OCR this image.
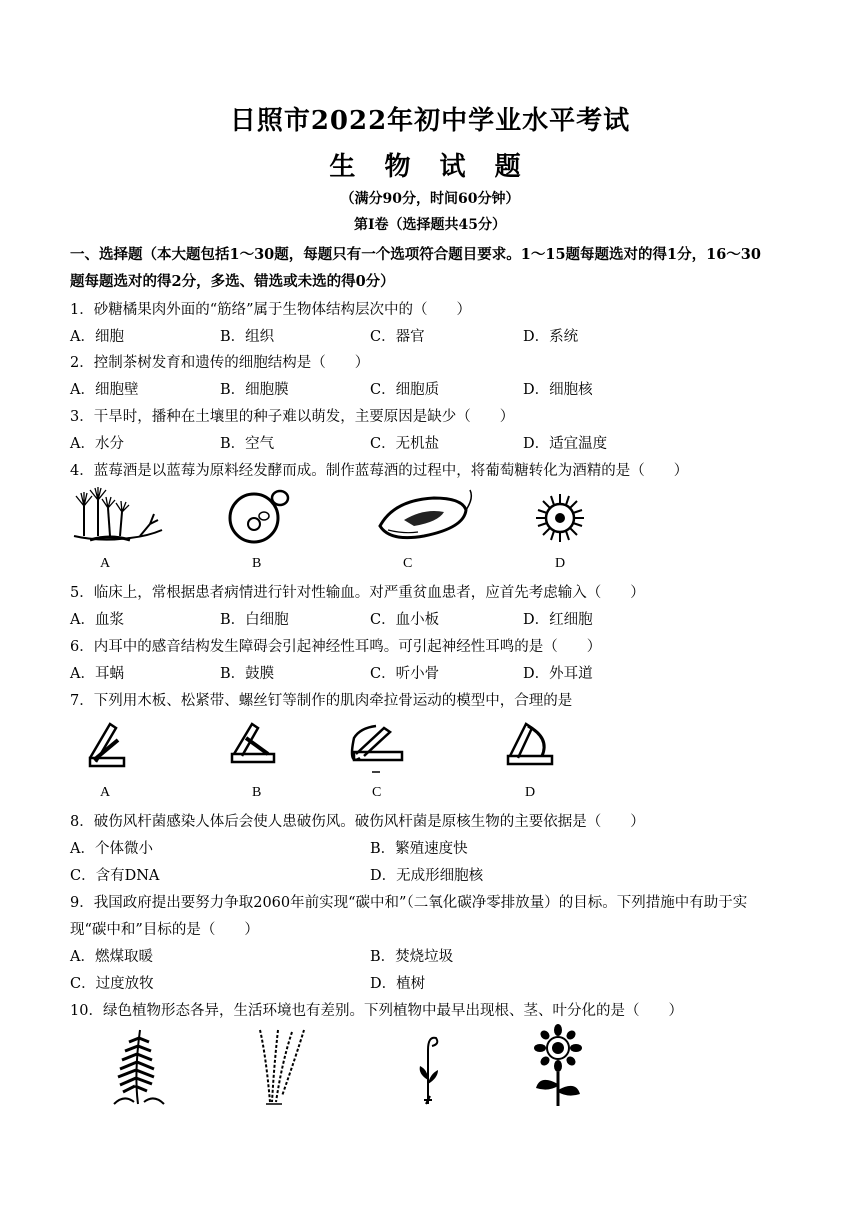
日照市2022年初中学业水平考试
生 物 试 题
（满分90分，时间60分钟）
第Ⅰ卷（选择题共45分）
一、选择题（本大题包括1～30题，每题只有一个选项符合题目要求。1～15题每题选对的得1分，16～30
题每题选对的得2分，多选、错选或未选的得0分）
1．砂糖橘果肉外面的“筋络”属于生物体结构层次中的（　　）
A．细胞	B．组织	C．器官	D．系统
2．控制茶树发育和遗传的细胞结构是（　　）
A．细胞壁	B．细胞膜	C．细胞质	D．细胞核
3．干旱时，播种在土壤里的种子难以萌发，主要原因是缺少（　　）
A．水分	B．空气	C．无机盐	D．适宜温度
4．蓝莓酒是以蓝莓为原料经发酵而成。制作蓝莓酒的过程中，将葡萄糖转化为酒精的是（　　）
A	B	C	D
5．临床上，常根据患者病情进行针对性输血。对严重贫血患者，应首先考虑输入（　　）
A．血浆	B．白细胞	C．血小板	D．红细胞
6．内耳中的感音结构发生障碍会引起神经性耳鸣。可引起神经性耳鸣的是（　　）
A．耳蜗	B．鼓膜	C．听小骨	D．外耳道
7．下列用木板、松紧带、螺丝钉等制作的肌肉牵拉骨运动的模型中，合理的是
A	B	C	D
8．破伤风杆菌感染人体后会使人患破伤风。破伤风杆菌是原核生物的主要依据是（　　）
A．个体微小	B．繁殖速度快
C．含有DNA	D．无成形细胞核
9．我国政府提出要努力争取2060年前实现“碳中和”（二氧化碳净零排放量）的目标。下列措施中有助于实
现“碳中和”目标的是（　　）
A．燃煤取暖	B．焚烧垃圾
C．过度放牧	D．植树
10．绿色植物形态各异，生活环境也有差别。下列植物中最早出现根、茎、叶分化的是（　　）
